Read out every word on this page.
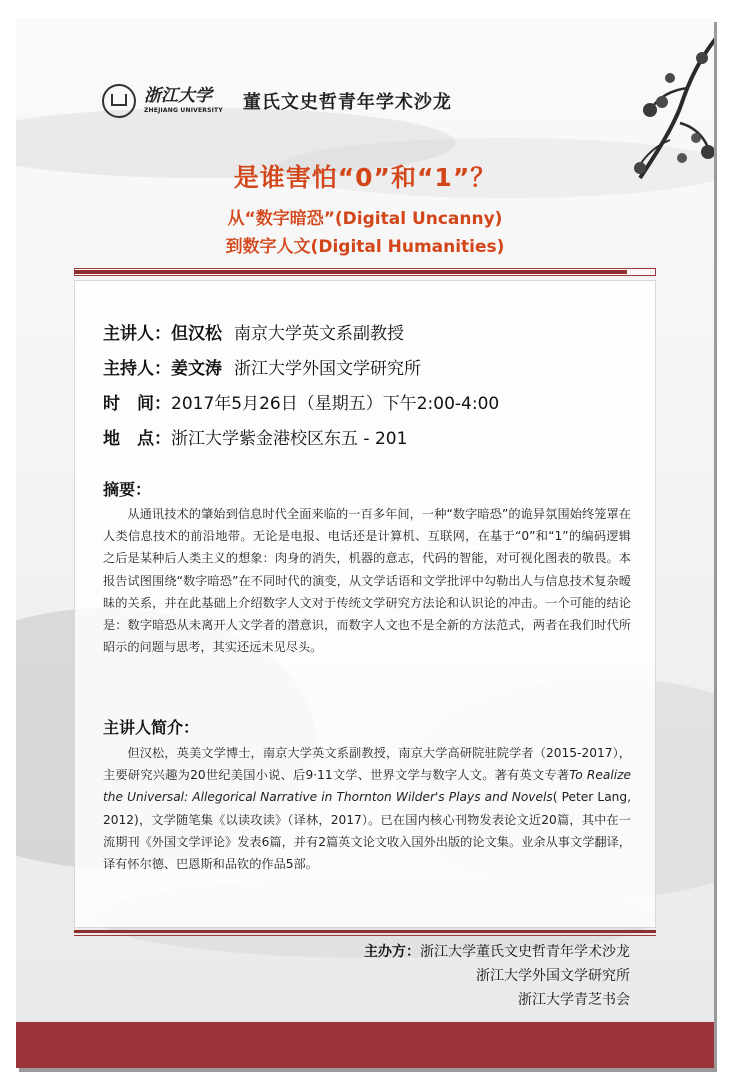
浙江大学
ZHEJIANG UNIVERSITY 董氏文史哲青年学术沙龙
是谁害怕“0”和“1”？
从“数字暗恐”(Digital Uncanny)
到数字人文(Digital Humanities)
主讲人：但汉松 南京大学英文系副教授
主持人：姜文涛 浙江大学外国文学研究所
时　间：2017年5月26日（星期五）下午2:00-4:00
地　点：浙江大学紫金港校区东五 - 201
摘要：

从通讯技术的肇始到信息时代全面来临的一百多年间，一种“数字暗恐”的诡异氛围始终笼罩在人类信息技术的前沿地带。无论是电报、电话还是计算机、互联网，在基于“0”和“1”的编码逻辑之后是某种后人类主义的想象：肉身的消失，机器的意志，代码的智能，对可视化图表的敬畏。本报告试图围绕“数字暗恐”在不同时代的演变，从文学话语和文学批评中勾勒出人与信息技术复杂暧昧的关系，并在此基础上介绍数字人文对于传统文学研究方法论和认识论的冲击。一个可能的结论是：数字暗恐从未离开人文学者的潜意识，而数字人文也不是全新的方法范式，两者在我们时代所昭示的问题与思考，其实还远未见尽头。

主讲人简介：

但汉松，英美文学博士，南京大学英文系副教授，南京大学高研院驻院学者（2015-2017），主要研究兴趣为20世纪美国小说、后9·11文学、世界文学与数字人文。著有英文专著To Realize the Universal: Allegorical Narrative in Thornton Wilder's Plays and Novels( Peter Lang, 2012)，文学随笔集《以读攻读》（译林，2017）。已在国内核心刊物发表论文近20篇，其中在一流期刊《外国文学评论》发表6篇，并有2篇英文论文收入国外出版的论文集。业余从事文学翻译，译有怀尔德、巴恩斯和品钦的作品5部。

主办方：浙江大学董氏文史哲青年学术沙龙
浙江大学外国文学研究所
浙江大学青芝书会
